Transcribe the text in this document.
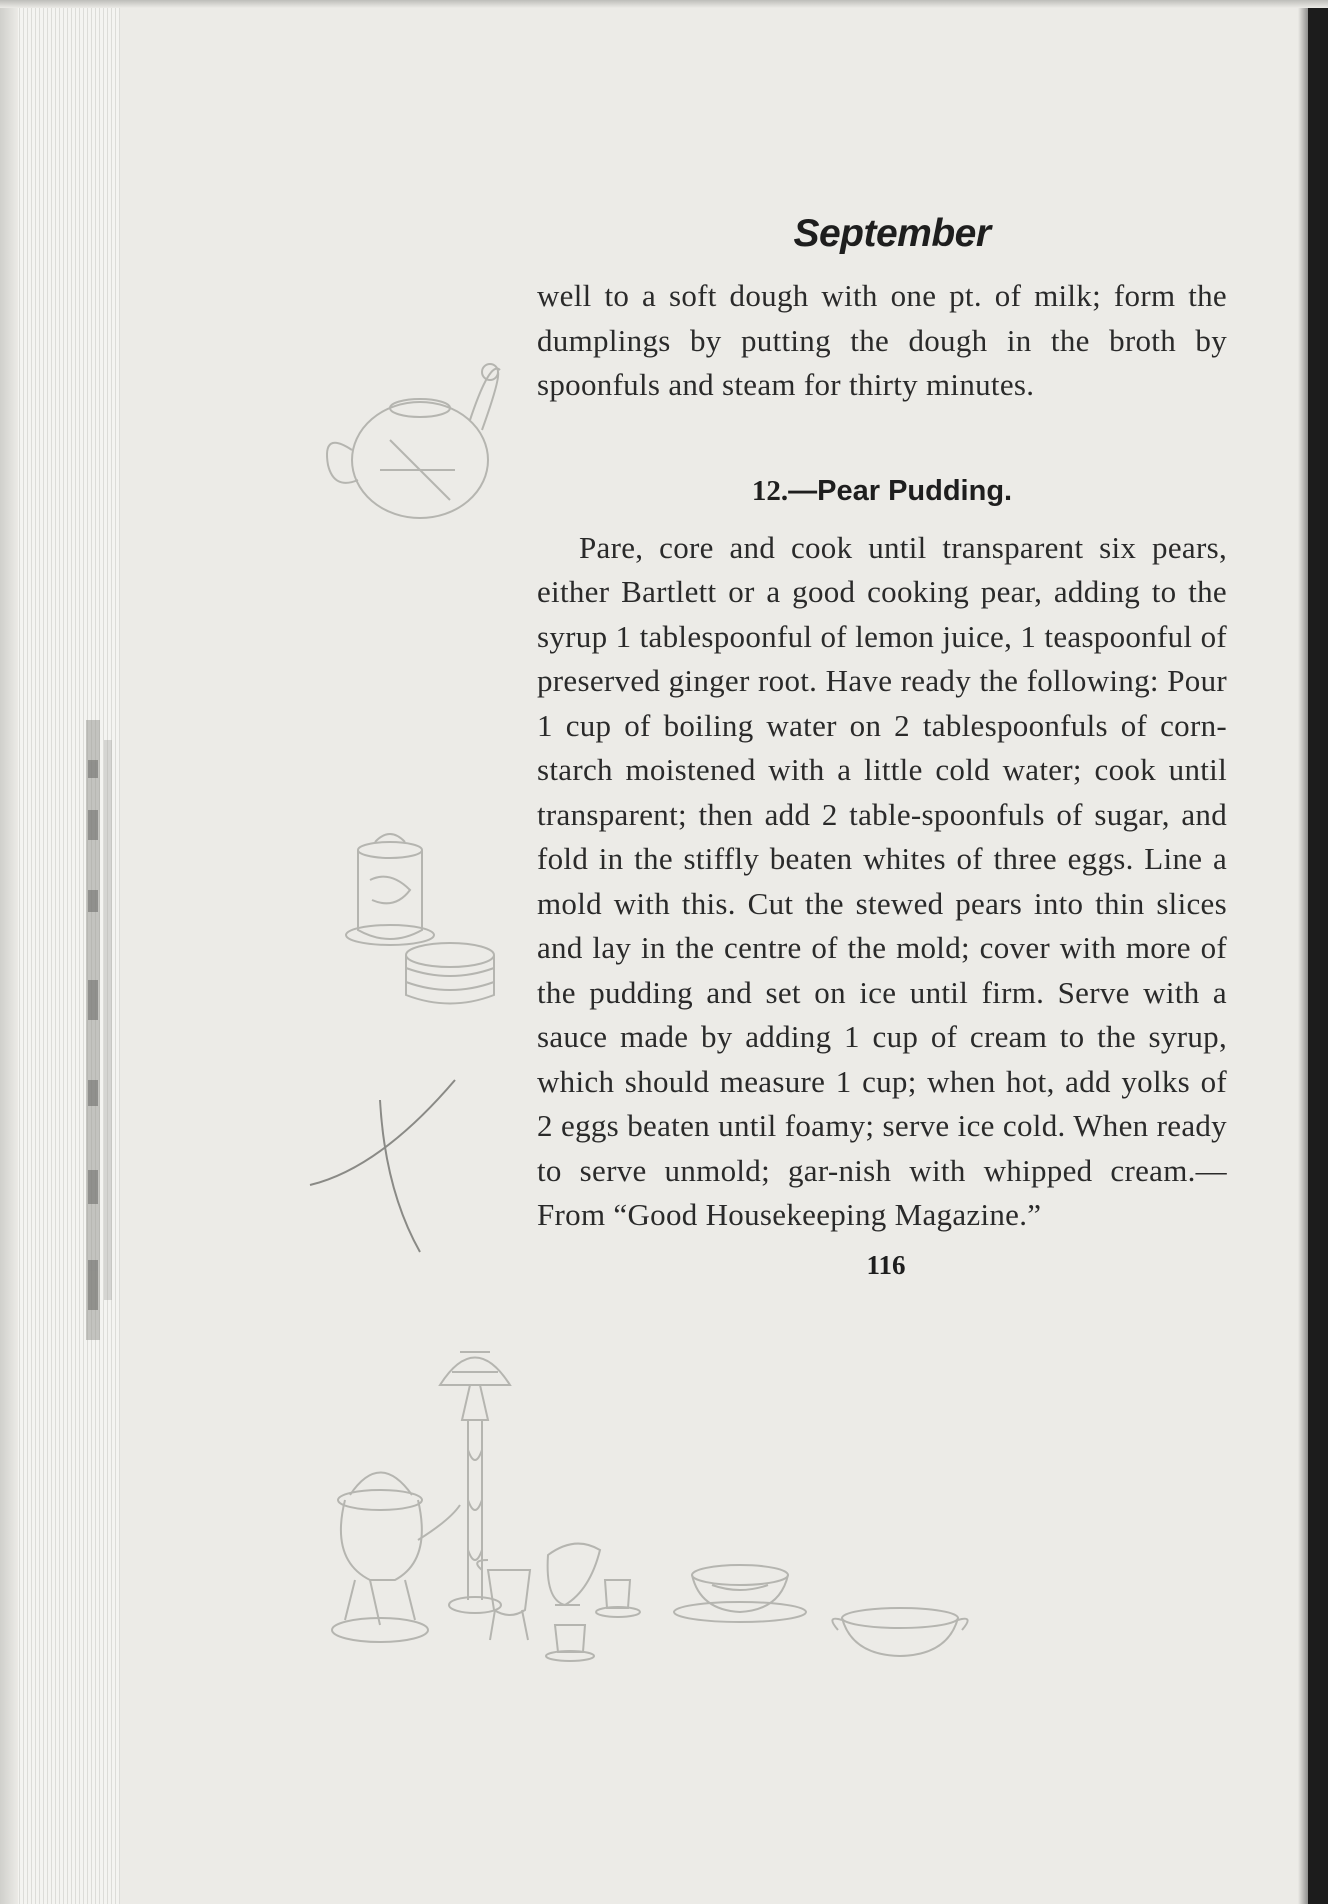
September

well to a soft dough with one pt. of milk; form the dumplings by putting the dough in the broth by spoonfuls and steam for thirty minutes.

12.—Pear Pudding.

Pare, core and cook until transparent six pears, either Bartlett or a good cooking pear, adding to the syrup 1 tablespoonful of lemon juice, 1 teaspoonful of preserved ginger root. Have ready the following: Pour 1 cup of boiling water on 2 tablespoonfuls of corn-starch moistened with a little cold water; cook until transparent; then add 2 table-spoonfuls of sugar, and fold in the stiffly beaten whites of three eggs. Line a mold with this. Cut the stewed pears into thin slices and lay in the centre of the mold; cover with more of the pudding and set on ice until firm. Serve with a sauce made by adding 1 cup of cream to the syrup, which should measure 1 cup; when hot, add yolks of 2 eggs beaten until foamy; serve ice cold. When ready to serve unmold; gar-nish with whipped cream.—From “Good Housekeeping Magazine.”

116
